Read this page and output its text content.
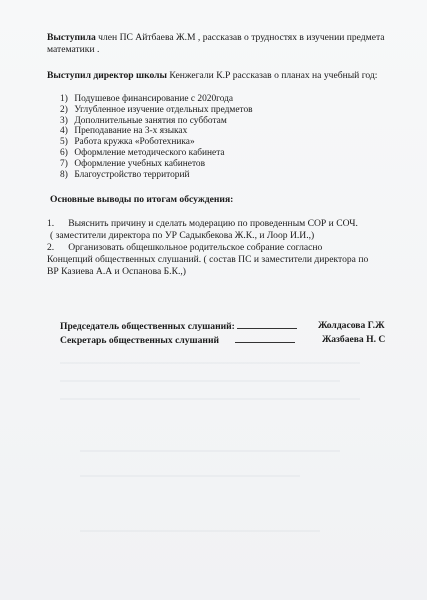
Выступила член ПС Айтбаева Ж.М , рассказав о трудностях в изучении предмета математики .
Выступил директор школы Кенжегали К.Р рассказав о планах на учебный год:
1) Подушевое финансирование с 2020года
2) Углубленное изучение отдельных предметов
3) Дополнительные занятия по субботам
4) Преподавание на 3-х языках
5) Работа кружка «Роботехника»
6) Оформление методического кабинета
7) Оформление учебных кабинетов
8) Благоустройство территорий
Основные выводы по итогам обсуждения:
1. Выяснить причину и сделать модерацию по проведенным СОР и СОЧ.
( заместители директора по УР Садыкбекова Ж.К., и Лоор И.И.,)
2. Организовать общешкольное родительское собрание согласно
Концепций общественных слушаний. ( состав ПС и заместители директора по
ВР Казиева А.А и Оспанова Б.К.,)
Председатель общественных слушаний:	Жолдасова Г.Ж
Секретарь общественных слушаний	Жазбаева Н. С
